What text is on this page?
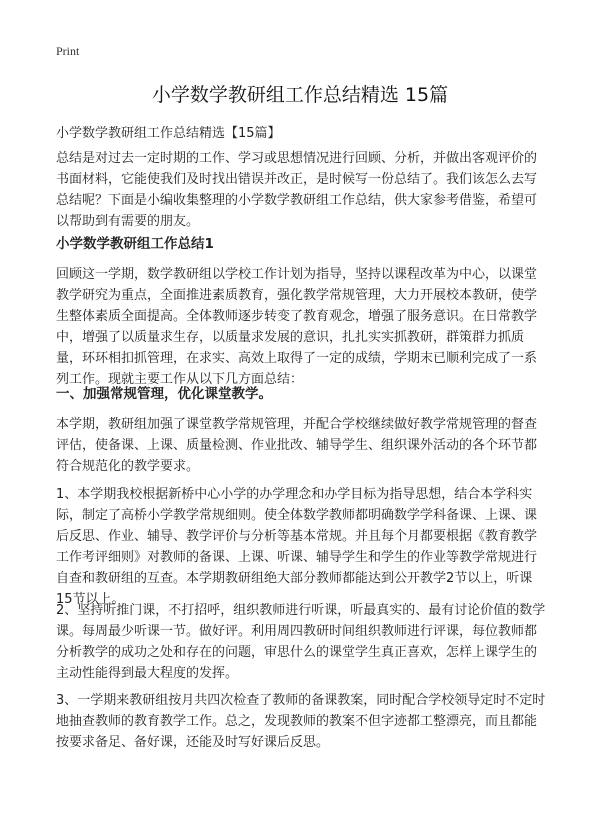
Print
小学数学教研组工作总结精选 15篇
小学数学教研组工作总结精选【15篇】
总结是对过去一定时期的工作、学习或思想情况进行回顾、分析，并做出客观评价的书面材料，它能使我们及时找出错误并改正，是时候写一份总结了。我们该怎么去写总结呢？下面是小编收集整理的小学数学教研组工作总结，供大家参考借鉴，希望可以帮助到有需要的朋友。
小学数学教研组工作总结1
回顾这一学期，数学教研组以学校工作计划为指导，坚持以课程改革为中心，以课堂教学研究为重点，全面推进素质教育，强化教学常规管理，大力开展校本教研，使学生整体素质全面提高。全体教师逐步转变了教育观念，增强了服务意识。在日常教学中，增强了以质量求生存，以质量求发展的意识，扎扎实实抓教研，群策群力抓质量，环环相扣抓管理，在求实、高效上取得了一定的成绩，学期末已顺利完成了一系列工作。现就主要工作从以下几方面总结：
一、加强常规管理，优化课堂教学。
本学期，教研组加强了课堂教学常规管理，并配合学校继续做好教学常规管理的督查评估，使备课、上课、质量检测、作业批改、辅导学生、组织课外活动的各个环节都符合规范化的教学要求。
1、本学期我校根据新桥中心小学的办学理念和办学目标为指导思想，结合本学科实际，制定了高桥小学教学常规细则。使全体数学教师都明确数学学科备课、上课、课后反思、作业、辅导、教学评价与分析等基本常规。并且每个月都要根据《教育教学工作考评细则》对教师的备课、上课、听课、辅导学生和学生的作业等教学常规进行自查和教研组的互查。本学期教研组绝大部分教师都能达到公开教学2节以上，听课15节以上。
2、坚持听推门课，不打招呼，组织教师进行听课，听最真实的、最有讨论价值的数学课。每周最少听课一节。做好评。利用周四教研时间组织教师进行评课，每位教师都分析教学的成功之处和存在的问题，审思什么的课堂学生真正喜欢，怎样上课学生的主动性能得到最大程度的发挥。
3、一学期来教研组按月共四次检查了教师的备课教案，同时配合学校领导定时不定时地抽查教师的教育教学工作。总之，发现教师的教案不但字迹都工整漂亮，而且都能按要求备足、备好课，还能及时写好课后反思。
